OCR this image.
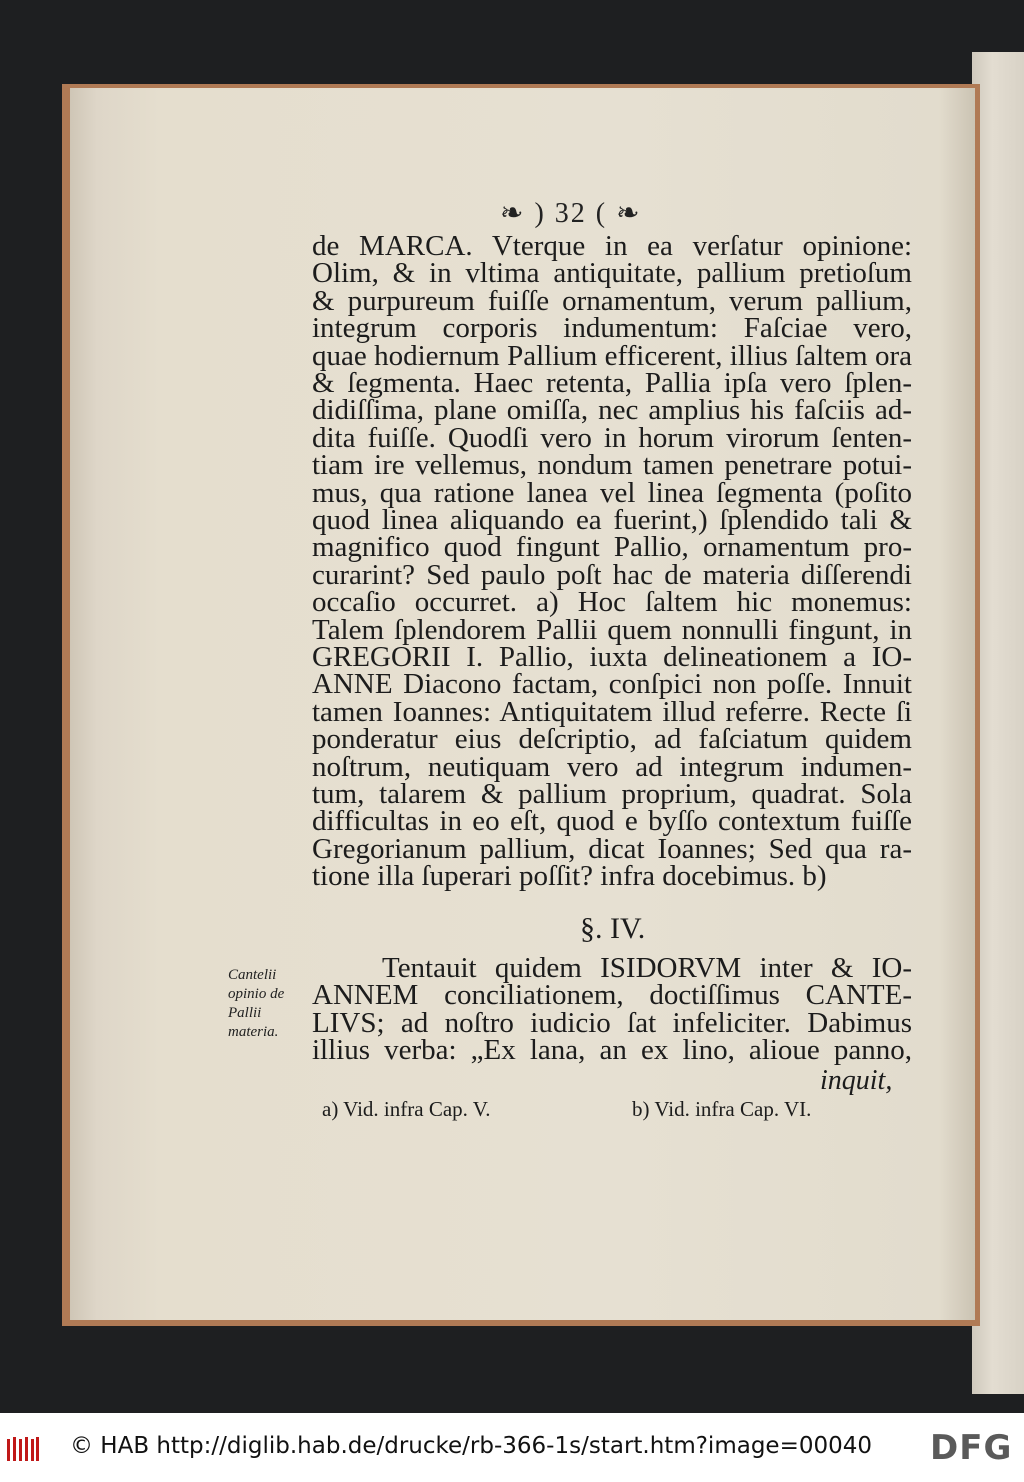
❧ ) 32 ( ❧
de MARCA. Vterque in ea verſatur opinione:
Olim, & in vltima antiquitate, pallium pretioſum
& purpureum fuiſſe ornamentum, verum pallium,
integrum corporis indumentum: Faſciae vero,
quae hodiernum Pallium efficerent, illius ſaltem ora
& ſegmenta. Haec retenta, Pallia ipſa vero ſplen-
didiſſima, plane omiſſa, nec amplius his faſciis ad-
dita fuiſſe. Quodſi vero in horum virorum ſenten-
tiam ire vellemus, nondum tamen penetrare potui-
mus, qua ratione lanea vel linea ſegmenta (poſito
quod linea aliquando ea fuerint,) ſplendido tali &
magnifico quod fingunt Pallio, ornamentum pro-
curarint? Sed paulo poſt hac de materia diſſerendi
occaſio occurret. a) Hoc ſaltem hic monemus:
Talem ſplendorem Pallii quem nonnulli fingunt, in
GREGORII I. Pallio, iuxta delineationem a IO-
ANNE Diacono factam, conſpici non poſſe. Innuit
tamen Ioannes: Antiquitatem illud referre. Recte ſi
ponderatur eius deſcriptio, ad faſciatum quidem
noſtrum, neutiquam vero ad integrum indumen-
tum, talarem & pallium proprium, quadrat. Sola
difficultas in eo eſt, quod e byſſo contextum fuiſſe
Gregorianum pallium, dicat Ioannes; Sed qua ra-
tione illa ſuperari poſſit? infra docebimus. b)
§. IV.
Cantelii opinio de Pallii materia.
Tentauit quidem ISIDORVM inter & IO-
ANNEM conciliationem, doctiſſimus CANTE-
LIVS; ad noſtro iudicio ſat infeliciter. Dabimus
illius verba: „Ex lana, an ex lino, alioue panno,
inquit,
a) Vid. infra Cap. V.	b) Vid. infra Cap. VI.
© HAB http://diglib.hab.de/drucke/rb-366-1s/start.htm?image=00040 DFG
